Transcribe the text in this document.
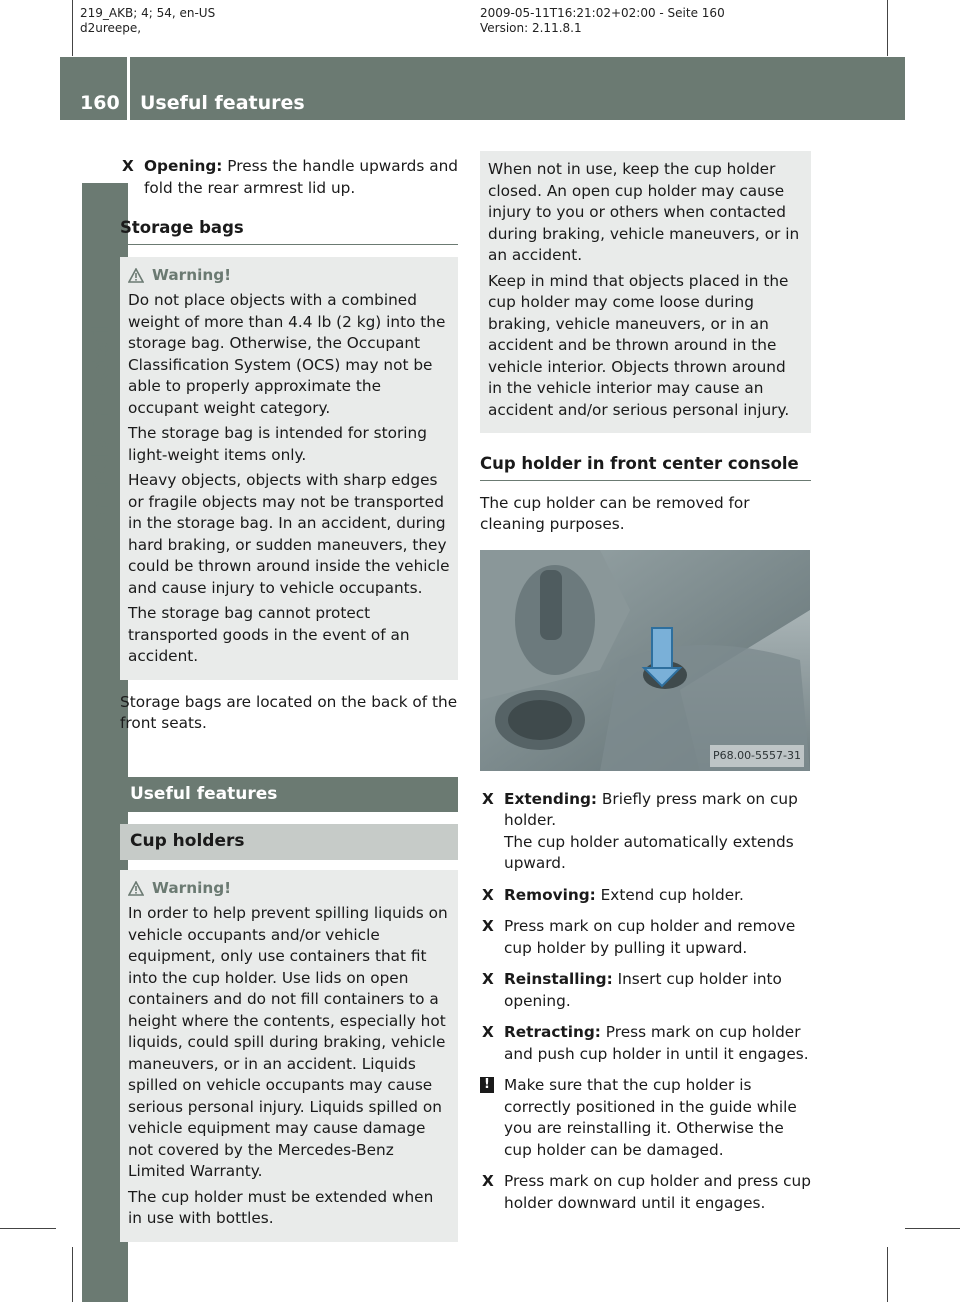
219_AKB; 4; 54, en-US
d2ureepe,
2009-05-11T16:21:02+02:00 - Seite 160
Version: 2.11.8.1
160 Useful features
Controls in detail
X Opening: Press the handle upwards and fold the rear armrest lid up.
Storage bags
Warning!

Do not place objects with a combined weight of more than 4.4 lb (2 kg) into the storage bag. Otherwise, the Occupant Classification System (OCS) may not be able to properly approximate the occupant weight category.

The storage bag is intended for storing light-weight items only.

Heavy objects, objects with sharp edges or fragile objects may not be transported in the storage bag. In an accident, during hard braking, or sudden maneuvers, they could be thrown around inside the vehicle and cause injury to vehicle occupants.

The storage bag cannot protect transported goods in the event of an accident.

Storage bags are located on the back of the front seats.

Useful features
Cup holders
Warning!

In order to help prevent spilling liquids on vehicle occupants and/or vehicle equipment, only use containers that fit into the cup holder. Use lids on open containers and do not fill containers to a height where the contents, especially hot liquids, could spill during braking, vehicle maneuvers, or in an accident. Liquids spilled on vehicle occupants may cause serious personal injury. Liquids spilled on vehicle equipment may cause damage not covered by the Mercedes-Benz Limited Warranty.

The cup holder must be extended when in use with bottles.

When not in use, keep the cup holder closed. An open cup holder may cause injury to you or others when contacted during braking, vehicle maneuvers, or in an accident.

Keep in mind that objects placed in the cup holder may come loose during braking, vehicle maneuvers, or in an accident and be thrown around in the vehicle interior. Objects thrown around in the vehicle interior may cause an accident and/or serious personal injury.

Cup holder in front center console

The cup holder can be removed for cleaning purposes.

P68.00-5557-31
X Extending: Briefly press mark on cup holder.
The cup holder automatically extends upward.
X Removing: Extend cup holder.
X Press mark on cup holder and remove cup holder by pulling it upward.
X Reinstalling: Insert cup holder into opening.
X Retracting: Press mark on cup holder and push cup holder in until it engages.
! Make sure that the cup holder is correctly positioned in the guide while you are reinstalling it. Otherwise the cup holder can be damaged.
X Press mark on cup holder and press cup holder downward until it engages.
